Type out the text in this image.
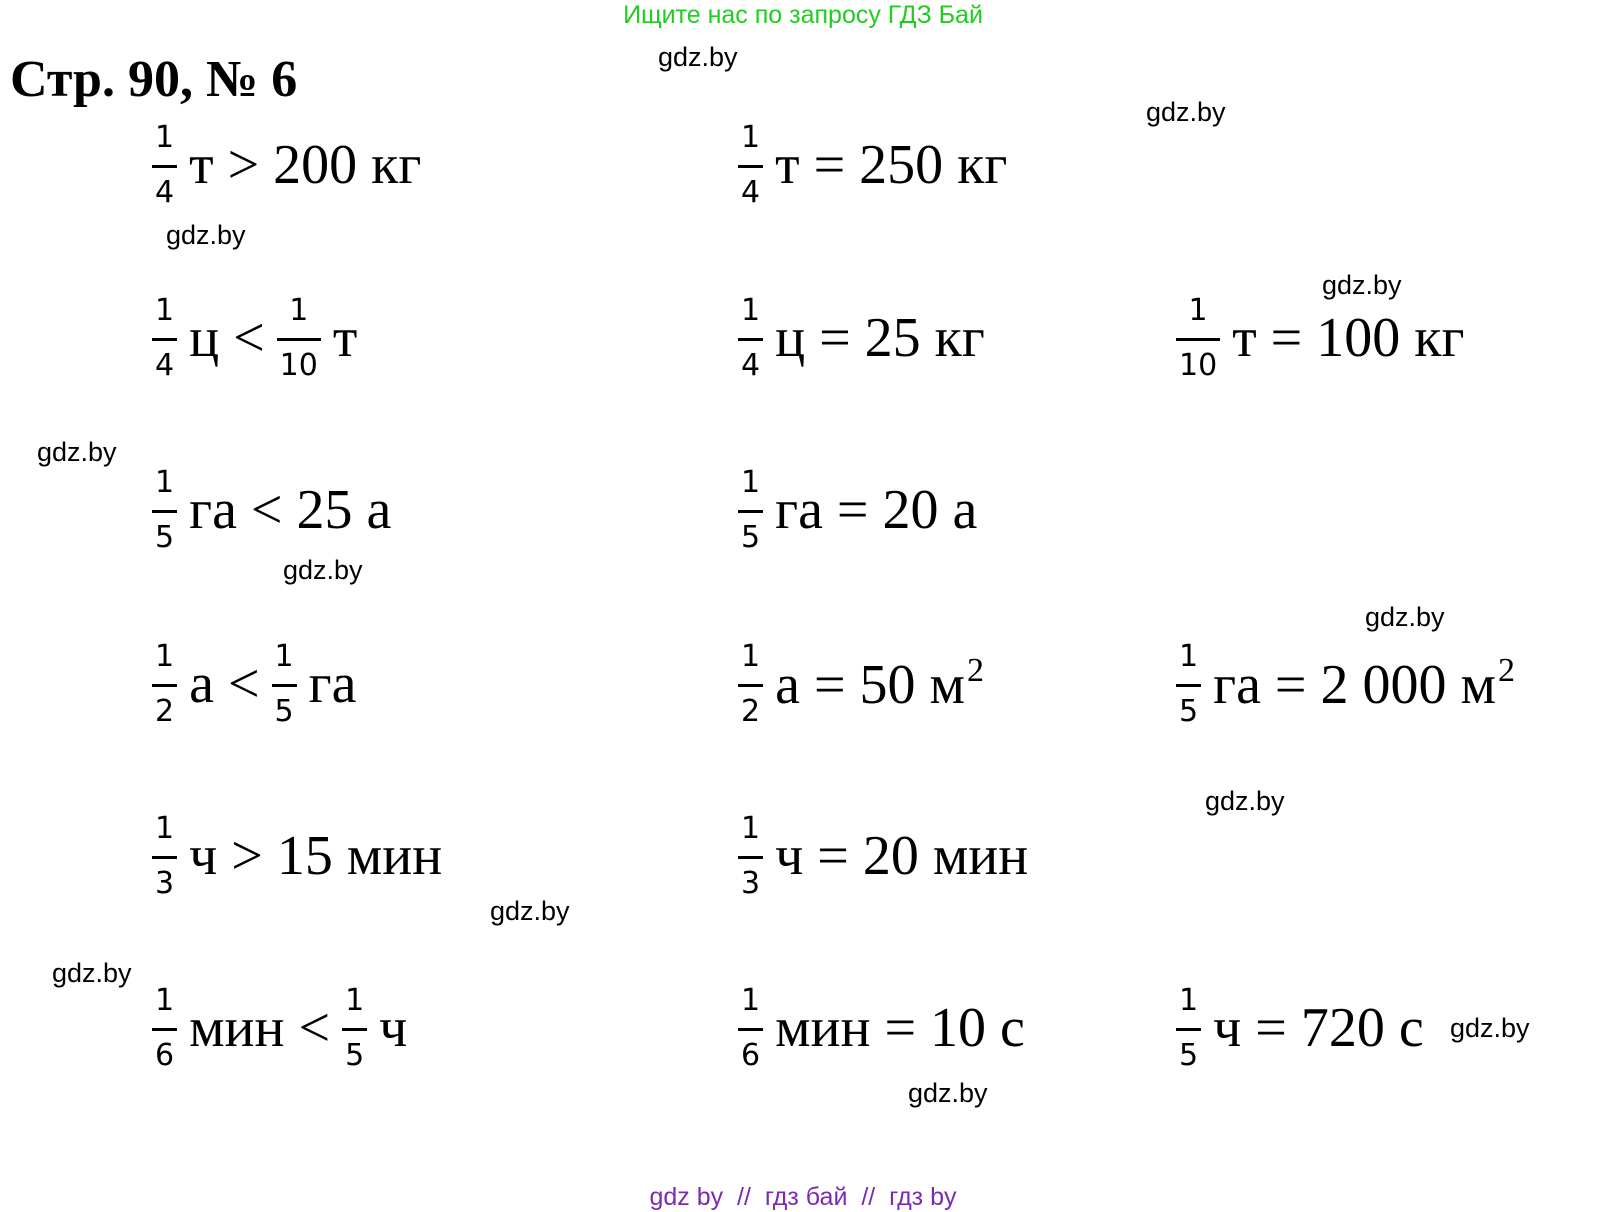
Ищите нас по запросу ГДЗ Бай
Стр. 90, № 6	gdz.by
gdz.by
gdz.by
gdz.by
gdz.by
gdz.by
gdz.by
gdz.by
gdz.by
gdz.by
gdz.by
gdz.by
$\frac{1}{4}$ т > 200 кг	$\frac{1}{4}$ т = 250 кг
$\frac{1}{4}$ $ц < \frac{1}{10}$ т	$\frac{1}{4}$ ц = 25 кг	$\frac{1}{10}$ т = 100 кг
$\frac{1}{5}$ га < 25 а	$\frac{1}{5}$ га = 20 а
$\frac{1}{2}$ $а < \frac{1}{5}$ га	$\frac{1}{2}$ а = 50 $м^2$	$\frac{1}{5}$ га = 2 000 $м^2$
$\frac{1}{3}$ ч > 15 мин	$\frac{1}{3}$ ч = 20 мин
$\frac{1}{6}$ мин < $\frac{1}{5}$ ч	$\frac{1}{6}$ мин = 10 с	$\frac{1}{5}$ ч = 720 с
gdz by  //  гдз бай  //  гдз by
